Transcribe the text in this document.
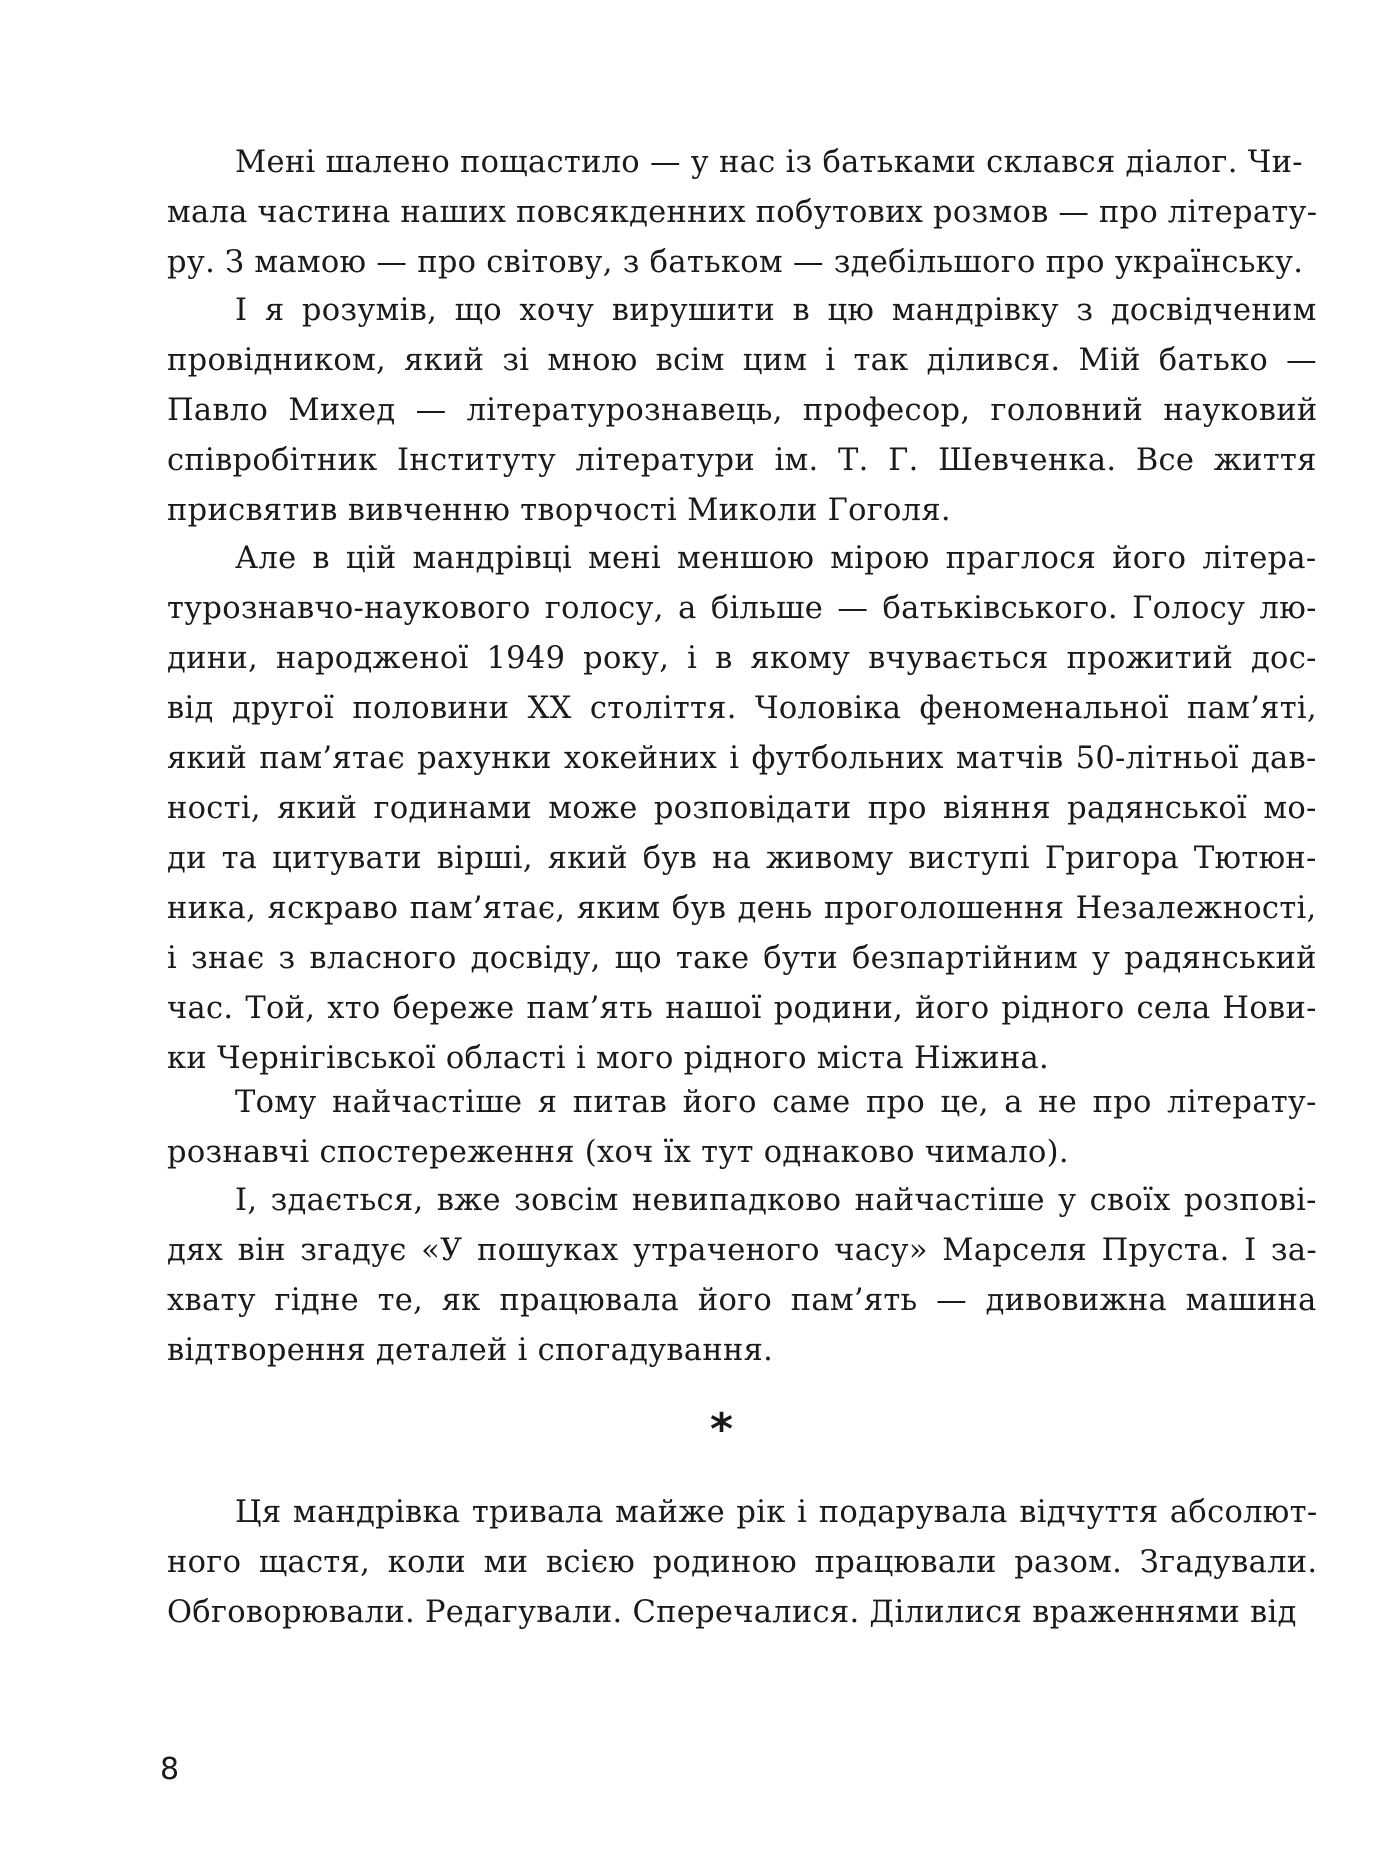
Мені шалено пощастило — у нас із батьками склався діалог. Чи-
мала частина наших повсякденних побутових розмов — про літерату-
ру. З мамою — про світову, з батьком — здебільшого про українську.
І я розумів, що хочу вирушити в цю мандрівку з досвідченим
провідником, який зі мною всім цим і так ділився. Мій батько —
Павло Михед — літературознавець, професор, головний науковий
співробітник Інституту літератури ім. Т. Г. Шевченка. Все життя
присвятив вивченню творчості Миколи Гоголя.
Але в цій мандрівці мені меншою мірою праглося його літера-
турознавчо-наукового голосу, а більше — батьківського. Голосу лю-
дини, народженої 1949 року, і в якому вчувається прожитий дос-
від другої половини XX століття. Чоловіка феноменальної пам’яті,
який пам’ятає рахунки хокейних і футбольних матчів 50-літньої дав-
ності, який годинами може розповідати про віяння радянської мо-
ди та цитувати вірші, який був на живому виступі Григора Тютюн-
ника, яскраво пам’ятає, яким був день проголошення Незалежності,
і знає з власного досвіду, що таке бути безпартійним у радянський
час. Той, хто береже пам’ять нашої родини, його рідного села Нови-
ки Чернігівської області і мого рідного міста Ніжина.
Тому найчастіше я питав його саме про це, а не про літерату-
рознавчі спостереження (хоч їх тут однаково чимало).
І, здається, вже зовсім невипадково найчастіше у своїх розпові-
дях він згадує «У пошуках утраченого часу» Марселя Пруста. І за-
хвату гідне те, як працювала його пам’ять — дивовижна машина
відтворення деталей і спогадування.
*
Ця мандрівка тривала майже рік і подарувала відчуття абсолют-
ного щастя, коли ми всією родиною працювали разом. Згадували.
Обговорювали. Редагували. Сперечалися. Ділилися враженнями від
8
